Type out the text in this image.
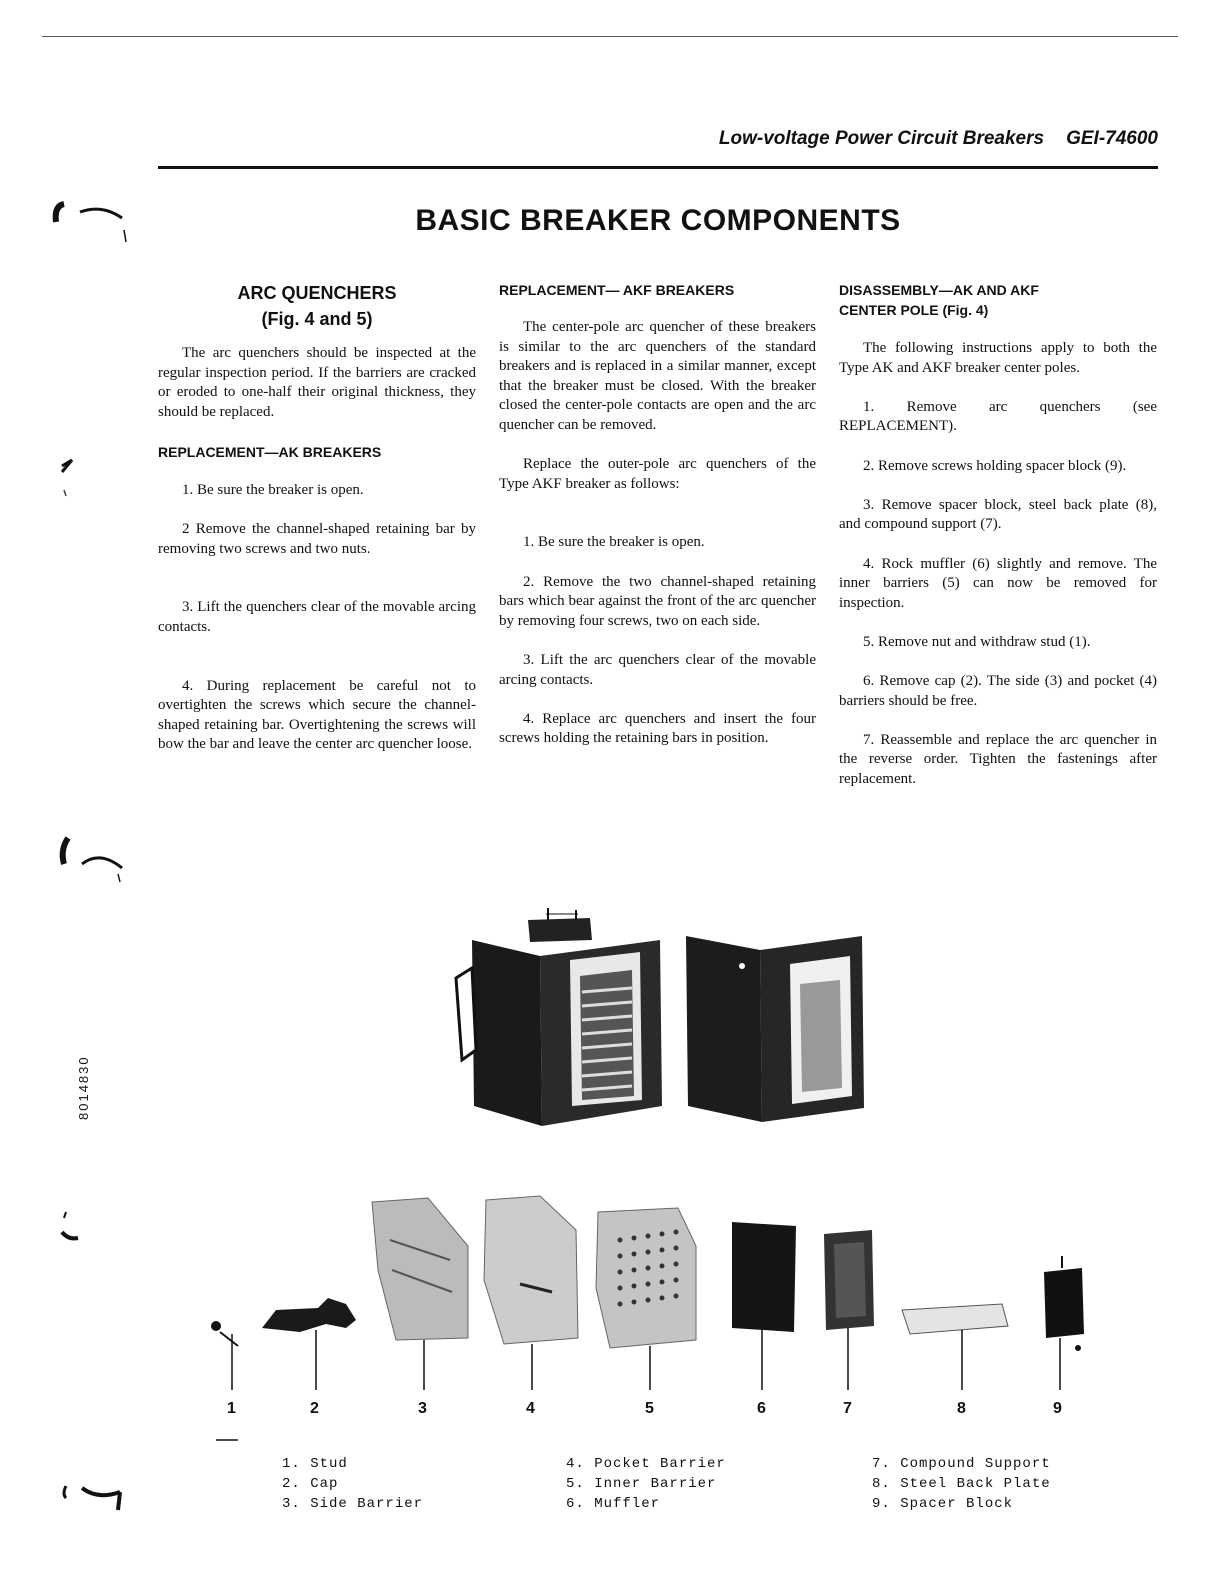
Low-voltage Power Circuit Breakers GEI-74600
BASIC BREAKER COMPONENTS
8014830
ARC QUENCHERS
(Fig. 4 and 5)

The arc quenchers should be inspected at the regular inspection period. If the barriers are cracked or eroded to one-half their original thickness, they should be replaced.

REPLACEMENT—AK BREAKERS

1. Be sure the breaker is open.

2 Remove the channel-shaped retaining bar by removing two screws and two nuts.

3. Lift the quenchers clear of the movable arcing contacts.

4. During replacement be careful not to overtighten the screws which secure the channel-shaped retaining bar. Overtightening the screws will bow the bar and leave the center arc quencher loose.

REPLACEMENT— AKF BREAKERS

The center-pole arc quencher of these breakers is similar to the arc quenchers of the standard breakers and is replaced in a similar manner, except that the breaker must be closed. With the breaker closed the center-pole contacts are open and the arc quencher can be removed.

Replace the outer-pole arc quenchers of the Type AKF breaker as follows:

1. Be sure the breaker is open.

2. Remove the two channel-shaped retaining bars which bear against the front of the arc quencher by removing four screws, two on each side.

3. Lift the arc quenchers clear of the movable arcing contacts.

4. Replace arc quenchers and insert the four screws holding the retaining bars in position.

DISASSEMBLY—AK AND AKF
CENTER POLE (Fig. 4)

The following instructions apply to both the Type AK and AKF breaker center poles.

1. Remove arc quenchers (see REPLACEMENT).

2. Remove screws holding spacer block (9).

3. Remove spacer block, steel back plate (8), and compound support (7).

4. Rock muffler (6) slightly and remove. The inner barriers (5) can now be removed for inspection.

5. Remove nut and withdraw stud (1).

6. Remove cap (2). The side (3) and pocket (4) barriers should be free.

7. Reassemble and replace the arc quencher in the reverse order. Tighten the fastenings after replacement.

1	2	3	4	5	6	7	8	9
1. Stud
2. Cap
3. Side Barrier
4. Pocket Barrier
5. Inner Barrier
6. Muffler
7. Compound Support
8. Steel Back Plate
9. Spacer Block
